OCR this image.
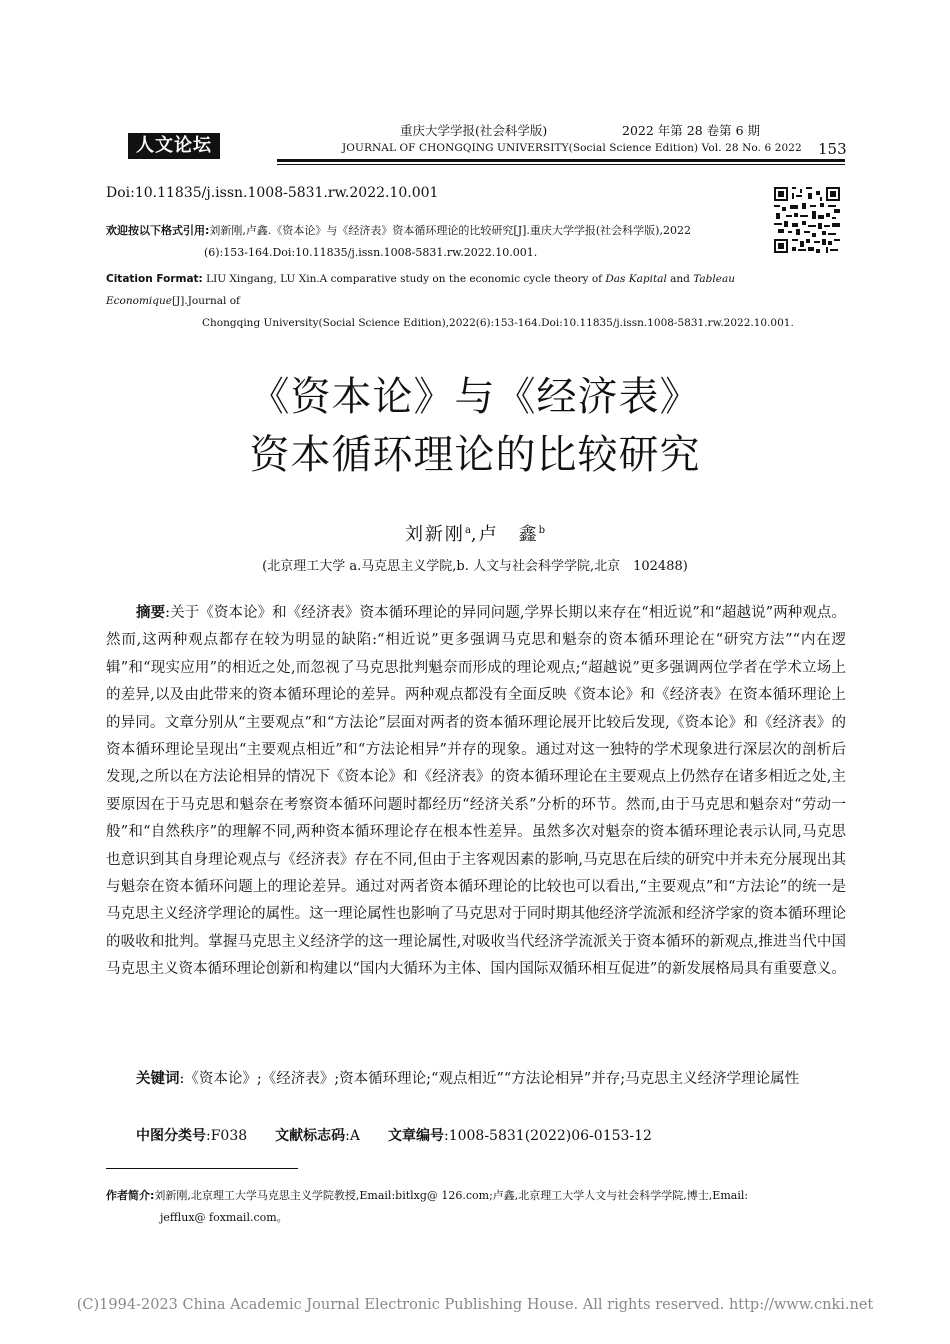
人文论坛
重庆大学学报(社会科学版)	2022 年第 28 卷第 6 期
JOURNAL OF CHONGQING UNIVERSITY(Social Science Edition) Vol. 28 No. 6 2022 153
Doi:10.11835/j.issn.1008-5831.rw.2022.10.001
欢迎按以下格式引用:刘新刚,卢鑫.《资本论》与《经济表》资本循环理论的比较研究[J].重庆大学学报(社会科学版),2022
(6):153-164.Doi:10.11835/j.issn.1008-5831.rw.2022.10.001.
Citation Format: LIU Xingang, LU Xin.A comparative study on the economic cycle theory of Das Kapital and Tableau Economique[J].Journal of
Chongqing University(Social Science Edition),2022(6):153-164.Doi:10.11835/j.issn.1008-5831.rw.2022.10.001.
《资本论》与《经济表》
资本循环理论的比较研究
刘新刚$^a$,卢　鑫$^b$
(北京理工大学 a.马克思主义学院,b. 人文与社会科学学院,北京　102488)
摘要:关于《资本论》和《经济表》资本循环理论的异同问题,学界长期以来存在“相近说”和“超越说”两种观点。然而,这两种观点都存在较为明显的缺陷:“相近说”更多强调马克思和魁奈的资本循环理论在“研究方法”“内在逻辑”和“现实应用”的相近之处,而忽视了马克思批判魁奈而形成的理论观点;“超越说”更多强调两位学者在学术立场上的差异,以及由此带来的资本循环理论的差异。两种观点都没有全面反映《资本论》和《经济表》在资本循环理论上的异同。文章分别从“主要观点”和“方法论”层面对两者的资本循环理论展开比较后发现,《资本论》和《经济表》的资本循环理论呈现出“主要观点相近”和“方法论相异”并存的现象。通过对这一独特的学术现象进行深层次的剖析后发现,之所以在方法论相异的情况下《资本论》和《经济表》的资本循环理论在主要观点上仍然存在诸多相近之处,主要原因在于马克思和魁奈在考察资本循环问题时都经历“经济关系”分析的环节。然而,由于马克思和魁奈对“劳动一般”和“自然秩序”的理解不同,两种资本循环理论存在根本性差异。虽然多次对魁奈的资本循环理论表示认同,马克思也意识到其自身理论观点与《经济表》存在不同,但由于主客观因素的影响,马克思在后续的研究中并未充分展现出其与魁奈在资本循环问题上的理论差异。通过对两者资本循环理论的比较也可以看出,“主要观点”和“方法论”的统一是马克思主义经济学理论的属性。这一理论属性也影响了马克思对于同时期其他经济学流派和经济学家的资本循环理论的吸收和批判。掌握马克思主义经济学的这一理论属性,对吸收当代经济学流派关于资本循环的新观点,推进当代中国马克思主义资本循环理论创新和构建以“国内大循环为主体、国内国际双循环相互促进”的新发展格局具有重要意义。
关键词:《资本论》;《经济表》;资本循环理论;“观点相近”“方法论相异”并存;马克思主义经济学理论属性
中图分类号:F038 文献标志码:A 文章编号:1008-5831(2022)06-0153-12
作者简介:刘新刚,北京理工大学马克思主义学院教授,Email:bitlxg@ 126.com;卢鑫,北京理工大学人文与社会科学学院,博士,Email:
jefflux@ foxmail.com。
(C)1994-2023 China Academic Journal Electronic Publishing House. All rights reserved. http://www.cnki.net
